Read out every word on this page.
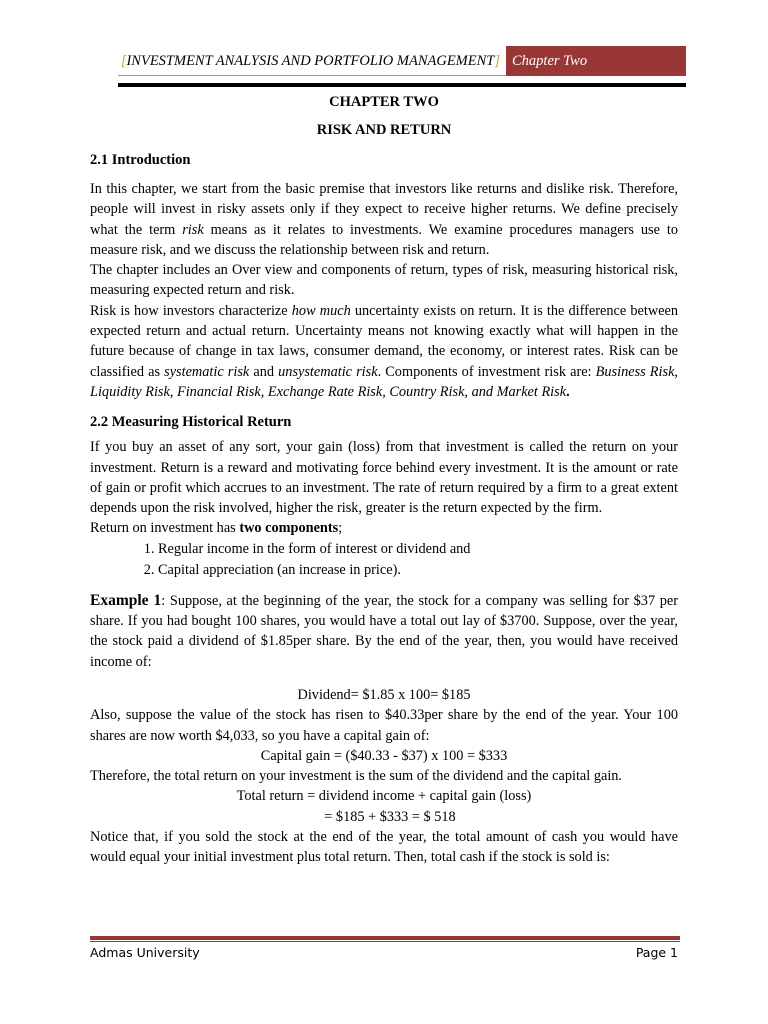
[INVESTMENT ANALYSIS AND PORTFOLIO MANAGEMENT] Chapter Two
CHAPTER TWO
RISK AND RETURN
2.1 Introduction

In this chapter, we start from the basic premise that investors like returns and dislike risk. Therefore, people will invest in risky assets only if they expect to receive higher returns. We define precisely what the term risk means as it relates to investments. We examine procedures managers use to measure risk, and we discuss the relationship between risk and return.

The chapter includes an Over view and components of return, types of risk, measuring historical risk, measuring expected return and risk.

Risk is how investors characterize how much uncertainty exists on return. It is the difference between expected return and actual return. Uncertainty means not knowing exactly what will happen in the future because of change in tax laws, consumer demand, the economy, or interest rates. Risk can be classified as systematic risk and unsystematic risk. Components of investment risk are: Business Risk, Liquidity Risk, Financial Risk, Exchange Rate Risk, Country Risk, and Market Risk.

2.2 Measuring Historical Return

If you buy an asset of any sort, your gain (loss) from that investment is called the return on your investment. Return is a reward and motivating force behind every investment. It is the amount or rate of gain or profit which accrues to an investment. The rate of return required by a firm to a great extent depends upon the risk involved, higher the risk, greater is the return expected by the firm.

Return on investment has two components;

1. Regular income in the form of interest or dividend and
2. Capital appreciation (an increase in price).

Example 1: Suppose, at the beginning of the year, the stock for a company was selling for $37 per share. If you had bought 100 shares, you would have a total out lay of $3700. Suppose, over the year, the stock paid a dividend of $1.85per share. By the end of the year, then, you would have received income of:

Dividend= $1.85 x 100= $185

Also, suppose the value of the stock has risen to $40.33per share by the end of the year. Your 100 shares are now worth $4,033, so you have a capital gain of:

Capital gain = ($40.33 - $37) x 100 = $333

Therefore, the total return on your investment is the sum of the dividend and the capital gain.

Total return = dividend income + capital gain (loss)
= $185 + $333 = $ 518

Notice that, if you sold the stock at the end of the year, the total amount of cash you would have would equal your initial investment plus total return. Then, total cash if the stock is sold is:

Admas University	Page 1
